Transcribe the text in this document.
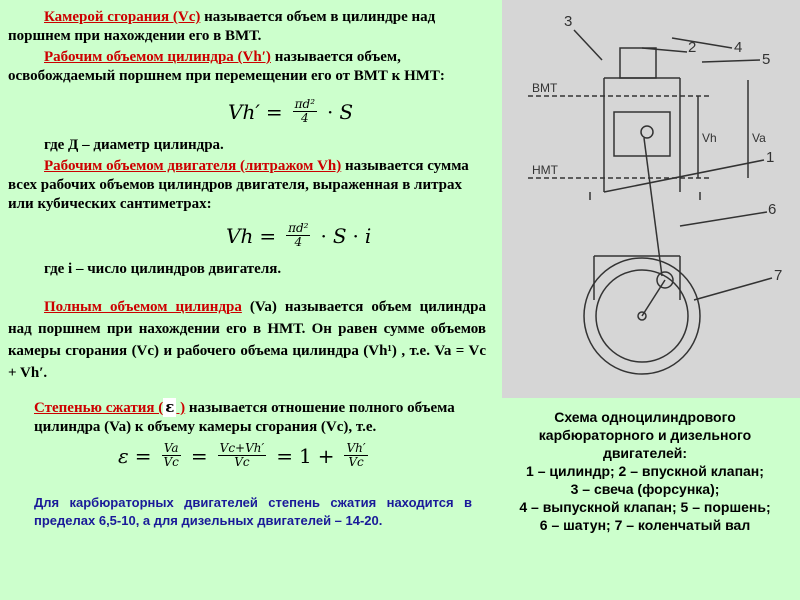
Камерой сгорания (Vc) называется объем в цилиндре над поршнем при нахождении его в ВМТ.
Рабочим объемом цилиндра (Vh′) называется объем, освобождаемый поршнем при перемещении его от ВМТ к НМТ:
$Vh' = \frac{\text{πd²}}{4} \cdot S$
где Д – диаметр цилиндра.
Рабочим объемом двигателя (литражом Vh) называется сумма всех рабочих объемов цилиндров двигателя, выраженная в литрах или кубических сантиметрах:
$Vh = \frac{\text{πd²}}{4} \cdot S \cdot i$
где i – число цилиндров двигателя.
Полным объемом цилиндра (Va) называется объем цилиндра над поршнем при нахождении его в НМТ. Он равен сумме объемов камеры сгорания (Vc) и рабочего объема цилиндра (Vh¹) , т.е. Va = Vc + Vh′.
Степенью сжатия ( ε ) называется отношение полного объема цилиндра (Va) к объему камеры сгорания (Vc), т.е.
$\varepsilon = \frac{Va}{Vc} = \frac{Vc+Vh'}{Vc} = 1 + \frac{Vh'}{Vc}$
Для карбюраторных двигателей степень сжатия находится в пределах 6,5-10, а для дизельных двигателей – 14-20.
3
2	4
5
1
6
7
ВМТ
НМТ
Vh	Va
Схема одноцилиндрового
карбюраторного и дизельного
двигателей:
1 – цилиндр; 2 – впускной клапан;
3 – свеча (форсунка);
4 – выпускной клапан; 5 – поршень;
6 – шатун; 7 – коленчатый вал
